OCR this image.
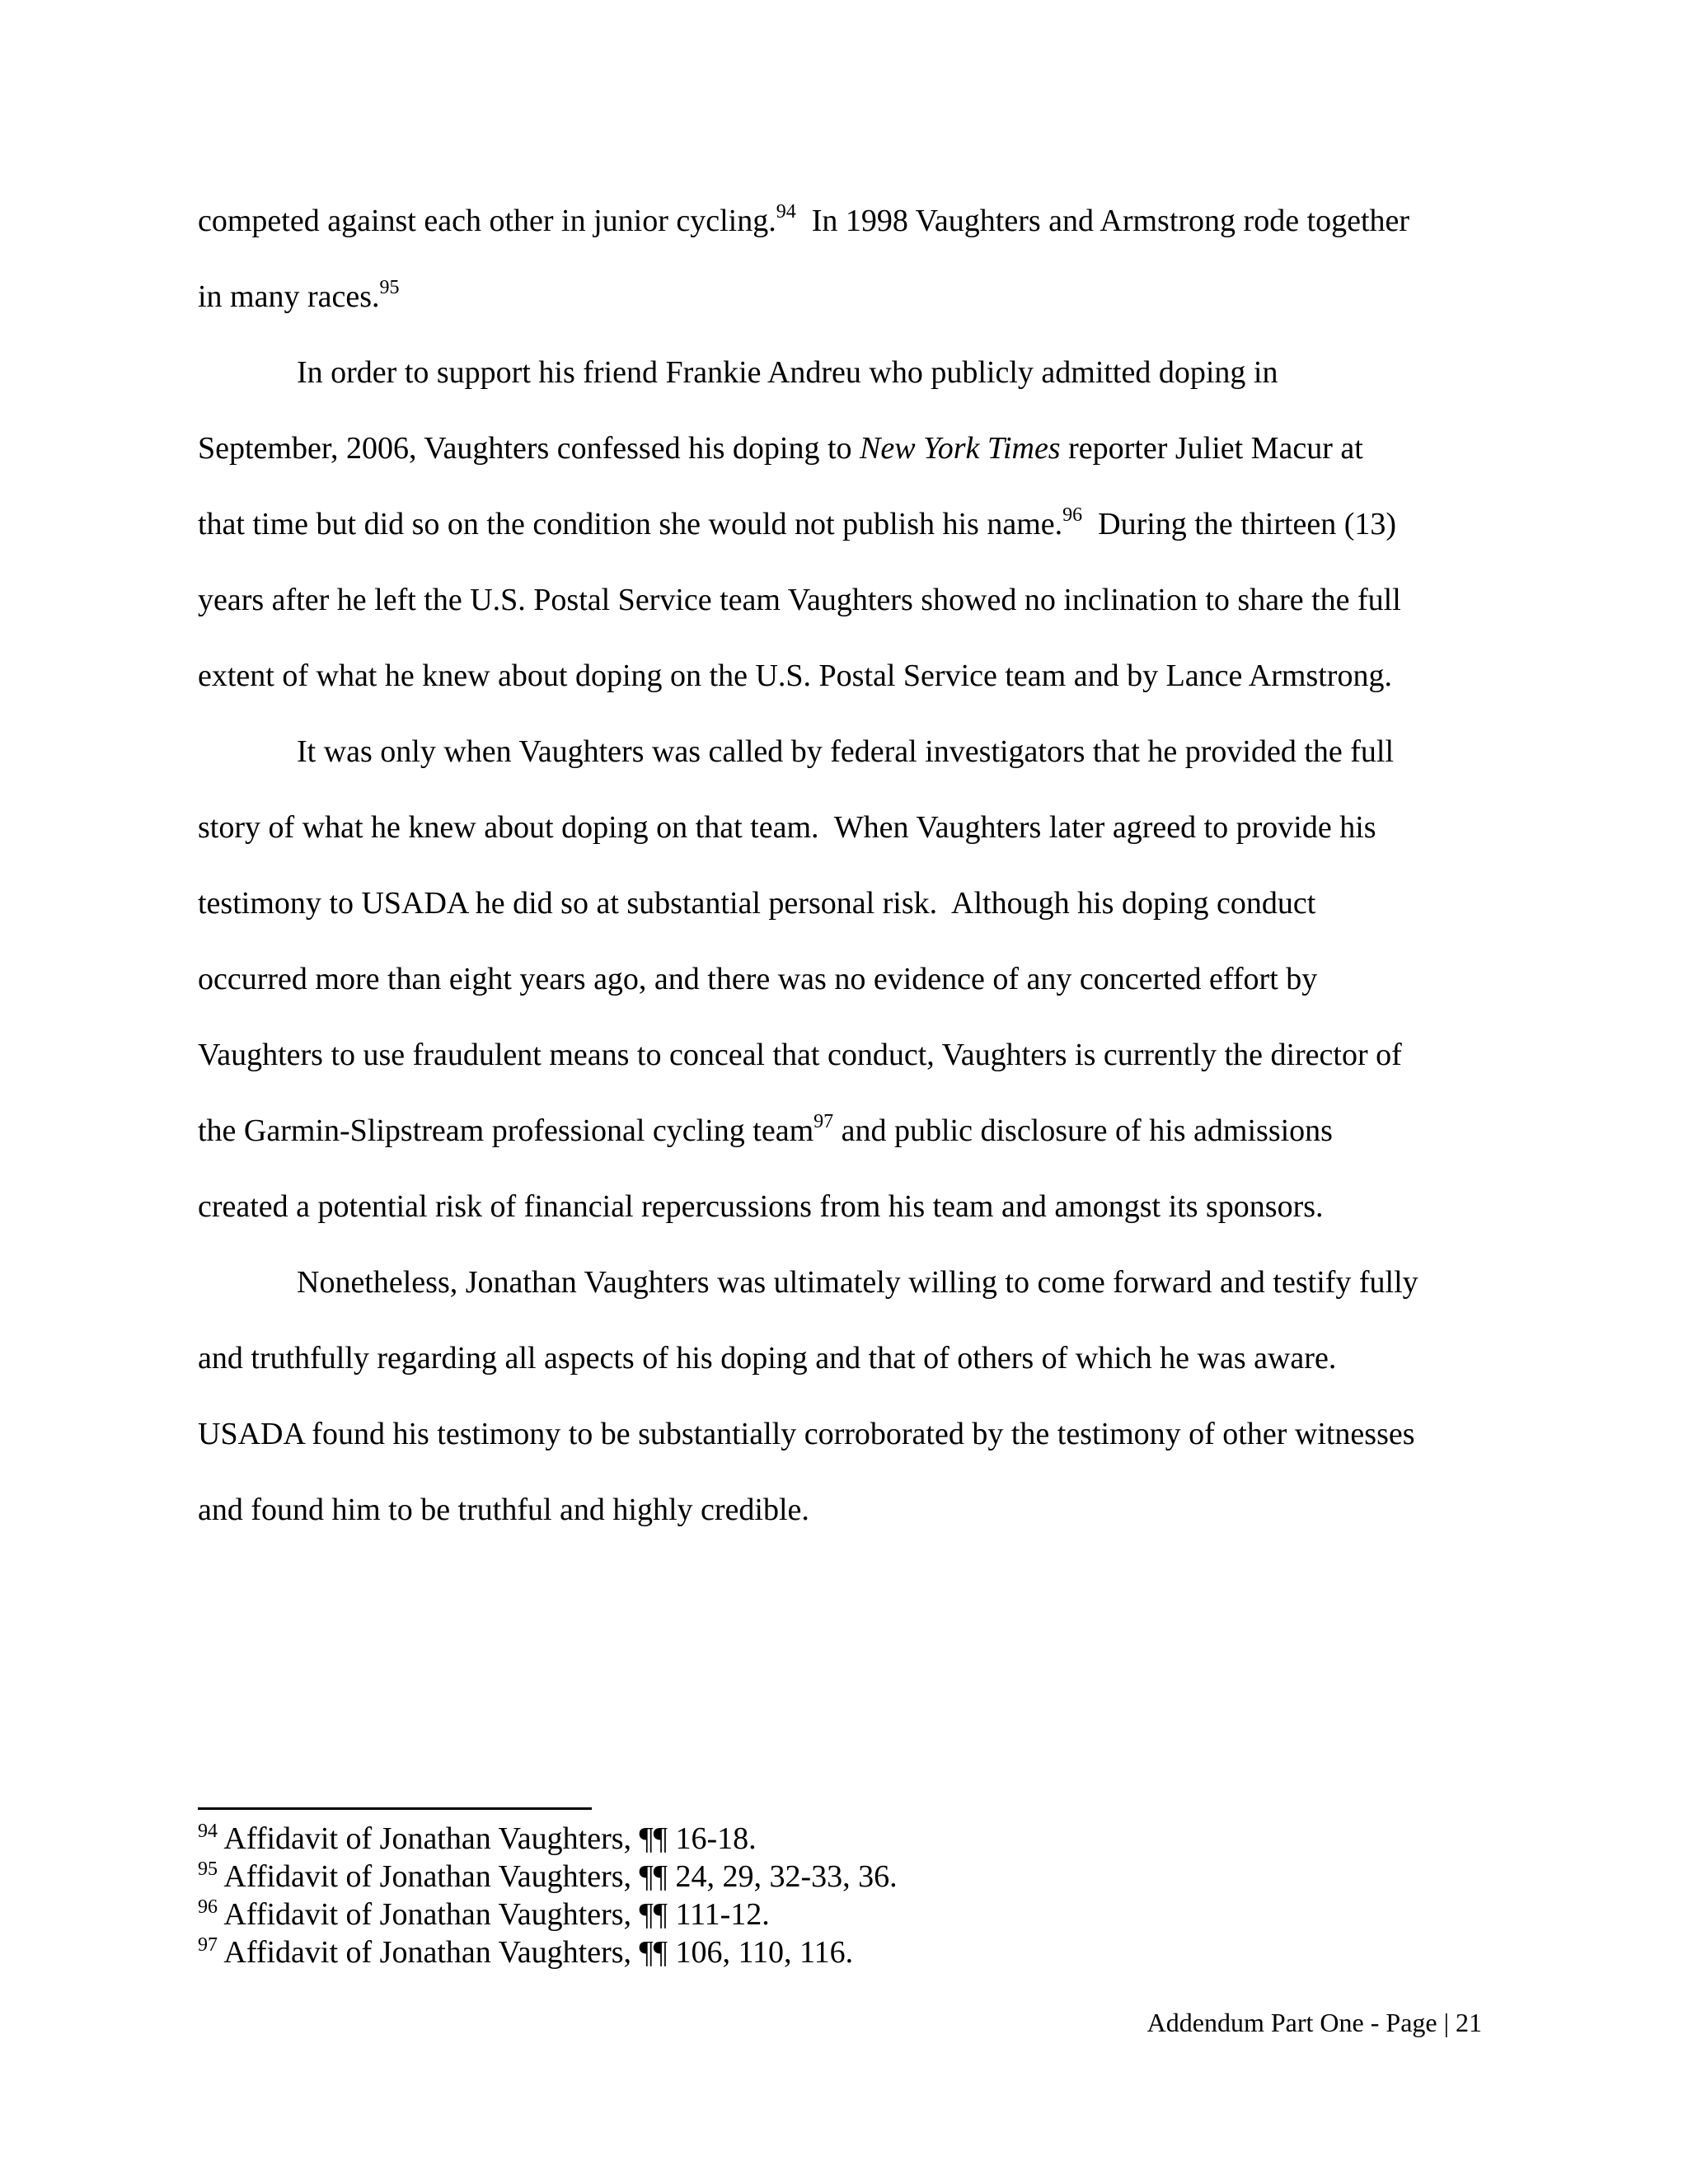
competed against each other in junior cycling.$^{94}$  In 1998 Vaughters and Armstrong rode together
in many races.$^{95}$
In order to support his friend Frankie Andreu who publicly admitted doping in
September, 2006, Vaughters confessed his doping to New York Times reporter Juliet Macur at
that time but did so on the condition she would not publish his name.$^{96}$  During the thirteen (13)
years after he left the U.S. Postal Service team Vaughters showed no inclination to share the full
extent of what he knew about doping on the U.S. Postal Service team and by Lance Armstrong.
It was only when Vaughters was called by federal investigators that he provided the full
story of what he knew about doping on that team.  When Vaughters later agreed to provide his
testimony to USADA he did so at substantial personal risk.  Although his doping conduct
occurred more than eight years ago, and there was no evidence of any concerted effort by
Vaughters to use fraudulent means to conceal that conduct, Vaughters is currently the director of
the Garmin-Slipstream professional cycling team$^{97}$ and public disclosure of his admissions
created a potential risk of financial repercussions from his team and amongst its sponsors.
Nonetheless, Jonathan Vaughters was ultimately willing to come forward and testify fully
and truthfully regarding all aspects of his doping and that of others of which he was aware.
USADA found his testimony to be substantially corroborated by the testimony of other witnesses
and found him to be truthful and highly credible.
$^{94}$ Affidavit of Jonathan Vaughters, ¶¶ 16-18.
$^{95}$ Affidavit of Jonathan Vaughters, ¶¶ 24, 29, 32-33, 36.
$^{96}$ Affidavit of Jonathan Vaughters, ¶¶ 111-12.
$^{97}$ Affidavit of Jonathan Vaughters, ¶¶ 106, 110, 116.
Addendum Part One - Page | 21
